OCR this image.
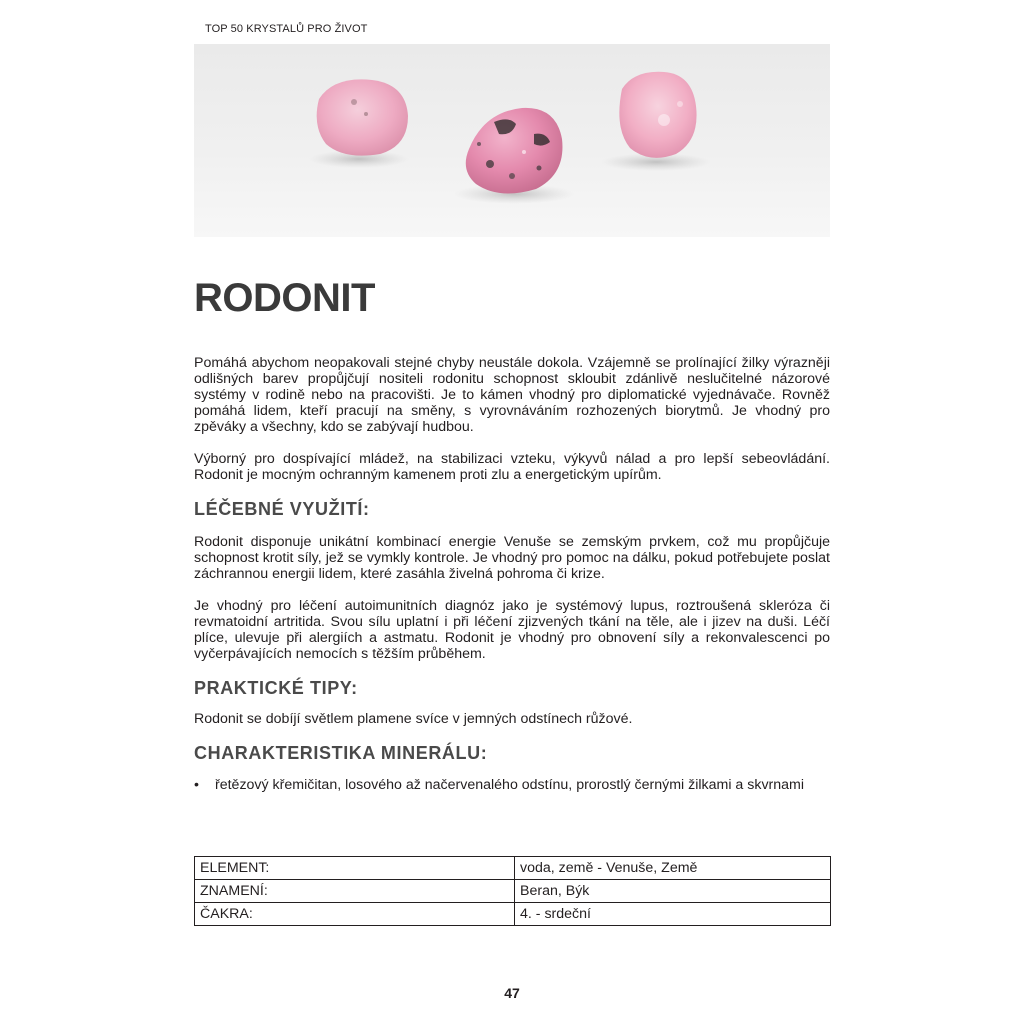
TOP 50 KRYSTALŮ PRO ŽIVOT
RODONIT

Pomáhá abychom neopakovali stejné chyby neustále dokola. Vzájemně se prolínající žilky výrazněji odlišných barev propůjčují nositeli rodonitu schopnost skloubit zdánlivě neslučitelné názorové systémy v rodině nebo na pracovišti. Je to kámen vhodný pro diplomatické vyjednávače. Rovněž pomáhá lidem, kteří pracují na směny, s vyrovnáváním rozhozených biorytmů. Je vhodný pro zpěváky a všechny, kdo se zabývají hudbou.

Výborný pro dospívající mládež, na stabilizaci vzteku, výkyvů nálad a pro lepší sebeovládání. Rodonit je mocným ochranným kamenem proti zlu a energetickým upírům.

LÉČEBNÉ VYUŽITÍ:

Rodonit disponuje unikátní kombinací energie Venuše se zemským prvkem, což mu propůjčuje schopnost krotit síly, jež se vymkly kontrole. Je vhodný pro pomoc na dálku, pokud potřebujete poslat záchrannou energii lidem, které zasáhla živelná pohroma či krize.

Je vhodný pro léčení autoimunitních diagnóz jako je systémový lupus, roztroušená skleróza či revmatoidní artritida. Svou sílu uplatní i při léčení zjizvených tkání na těle, ale i jizev na duši. Léčí plíce, ulevuje při alergiích a astmatu. Rodonit je vhodný pro obnovení síly a rekonvalescenci po vyčerpávajících nemocích s těžším průběhem.

PRAKTICKÉ TIPY:

Rodonit se dobíjí světlem plamene svíce v jemných odstínech růžové.

CHARAKTERISTIKA MINERÁLU:
• řetězový křemičitan, losového až načervenalého odstínu, prorostlý černými žilkami a skvrnami
ELEMENT:	voda, země - Venuše, Země
ZNAMENÍ:	Beran, Býk
ČAKRA:	4. - srdeční
47
